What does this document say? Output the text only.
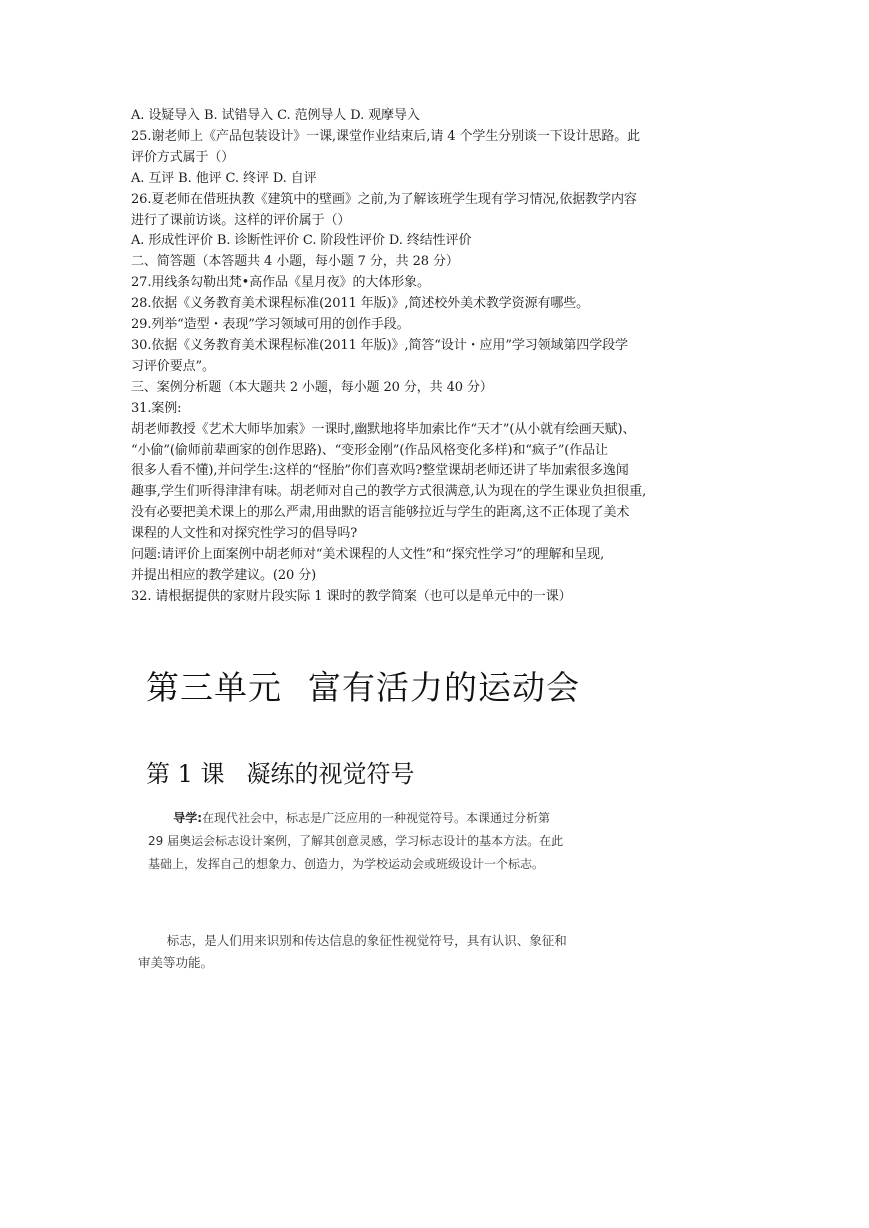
A. 设疑导入 B. 试错导入 C. 范例导人 D. 观摩导入
25.谢老师上《产品包装设计》一课,课堂作业结束后,请 4 个学生分别谈一下设计思路。此
评价方式属于（）
A. 互评 B. 他评 C. 终评 D. 自评
26.夏老师在借班执教《建筑中的壁画》之前,为了解该班学生现有学习情况,依据教学内容
进行了课前访谈。这样的评价属于（）
A. 形成性评价 B. 诊断性评价 C. 阶段性评价 D. 终结性评价
二、简答题（本答题共 4 小题，每小题 7 分，共 28 分）
27.用线条勾勒出梵•高作品《星月夜》的大体形象。
28.依据《义务教育美术课程标准(2011 年版)》,简述校外美术教学资源有哪些。
29.列举“造型・表现”学习领域可用的创作手段。
30.依据《义务教育美术课程标准(2011 年版)》,简答“设计・应用”学习领域第四学段学
习评价要点”。
三、案例分析题（本大题共 2 小题，每小题 20 分，共 40 分）
31.案例:
胡老师教授《艺术大师毕加索》一课时,幽默地将毕加索比作“天才”(从小就有绘画天赋)、
“小偷”(偷师前辈画家的创作思路)、“变形金刚”(作品风格变化多样)和“疯子”(作品让
很多人看不懂),并问学生:这样的“怪胎”你们喜欢吗?整堂课胡老师还讲了毕加索很多逸闻
趣事,学生们听得津津有味。胡老师对自己的教学方式很满意,认为现在的学生课业负担很重,
没有必要把美术课上的那么严肃,用曲默的语言能够拉近与学生的距离,这不正体现了美术
课程的人文性和对探究性学习的倡导吗?
问题:请评价上面案例中胡老师对“美术课程的人文性”和“探究性学习”的理解和呈现,
并提出相应的教学建议。(20 分)
32. 请根据提供的家财片段实际 1 课时的教学简案（也可以是单元中的一课）
第三单元 富有活力的运动会
第 1 课 凝练的视觉符号
导学:在现代社会中，标志是广泛应用的一种视觉符号。本课通过分析第 29 届奥运会标志设计案例，了解其创意灵感，学习标志设计的基本方法。在此基础上，发挥自己的想象力、创造力，为学校运动会或班级设计一个标志。
标志，是人们用来识别和传达信息的象征性视觉符号，具有认识、象征和审美等功能。
